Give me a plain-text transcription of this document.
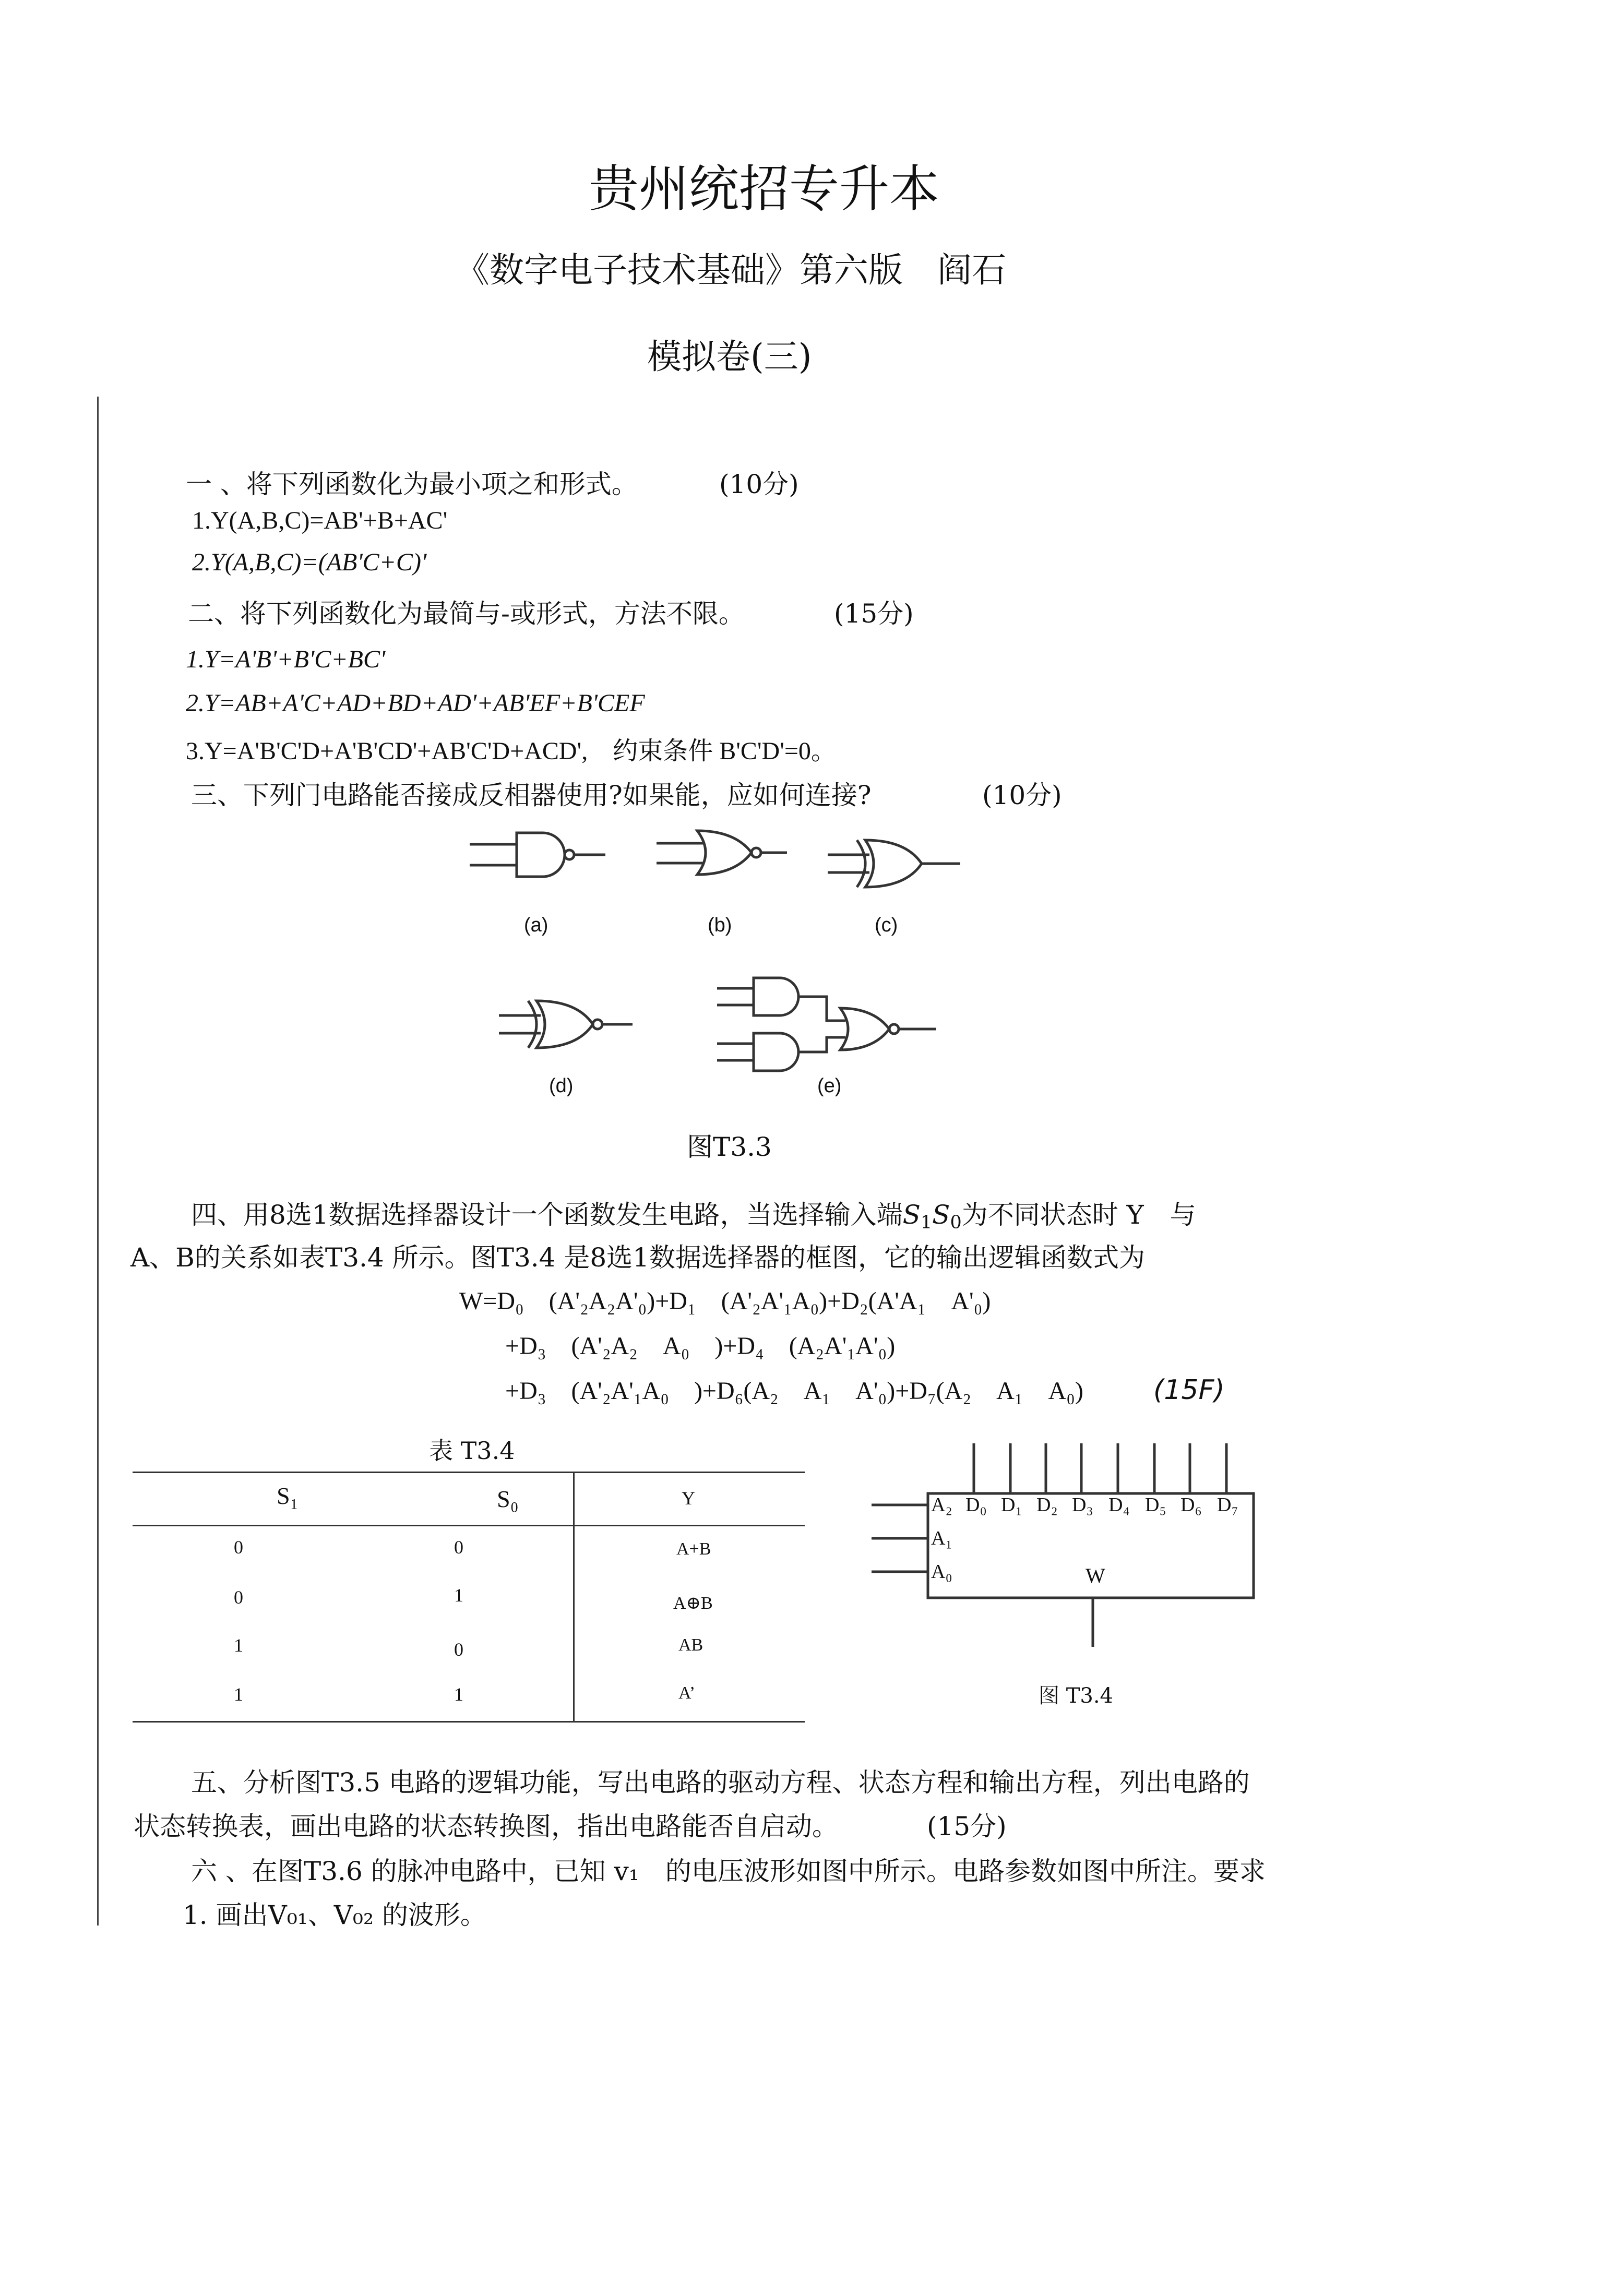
贵州统招专升本
《数字电子技术基础》第六版　阎石
模拟卷(三)
一 、将下列函数化为最小项之和形式。	(10分)
1.Y(A,B,C)=AB'+B+AC'
2.Y(A,B,C)=(AB'C+C)'
二、将下列函数化为最简与-或形式，方法不限。	(15分)
1.Y=A'B'+B'C+BC'
2.Y=AB+A'C+AD+BD+AD'+AB'EF+B'CEF
3.Y=A'B'C'D+A'B'CD'+AB'C'D+ACD',　约束条件 B'C'D'=0。
三、下列门电路能否接成反相器使用?如果能，应如何连接?	(10分)
(a)	(b)	(c)
(d)	(e)
图T3.3
四、用8选1数据选择器设计一个函数发生电路，当选择输入端$S_1S_0$为不同状态时 Y　与
A、B的关系如表T3.4 所示。图T3.4 是8选1数据选择器的框图，它的输出逻辑函数式为
W=D₀　(A'₂A₂A'₀)+D₁　(A'₂A'₁A₀)+D₂(A'A₁　A'₀)
+D₃　(A'₂A₂　A₀　)+D₄　(A₂A'₁A'₀)
+D₃　(A'₂A'₁A₀　)+D₆(A₂　A₁　A'₀)+D₇(A₂　A₁　A₀)	(15F)
表 T3.4
S₁	S₀	Y
0	0	A+B
0	1	A⊕B
1	0	AB
1	1	A’
A₂ D₀ D₁ D₂ D₃ D₄ D₅ D₆ D₇
A₁
A₀	W
图 T3.4
五、分析图T3.5 电路的逻辑功能，写出电路的驱动方程、状态方程和输出方程，列出电路的
状态转换表，画出电路的状态转换图，指出电路能否自启动。	(15分)
六 、在图T3.6 的脉冲电路中，已知 v₁　的电压波形如图中所示。电路参数如图中所注。要求
1. 画出V₀₁、V₀₂ 的波形。
